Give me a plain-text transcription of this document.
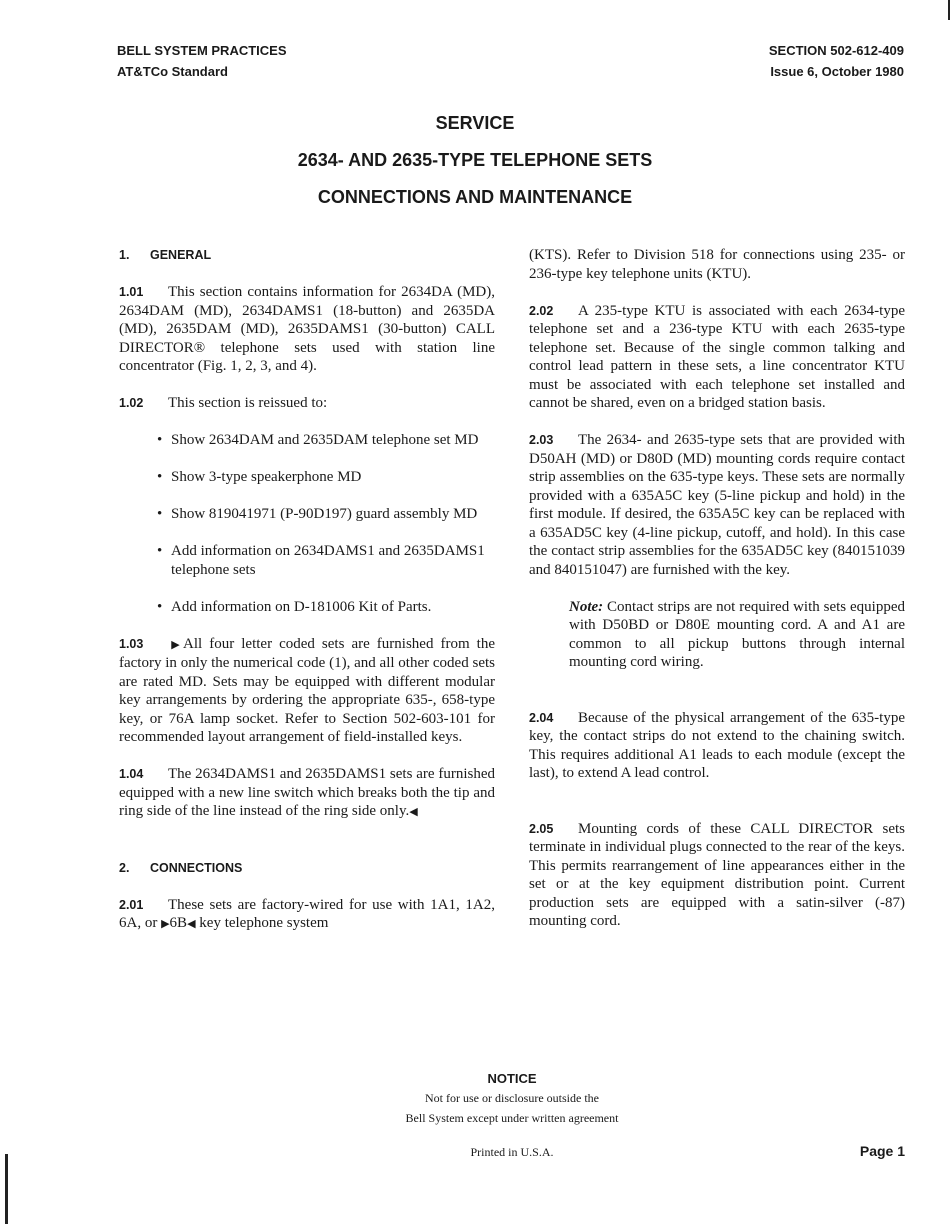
BELL SYSTEM PRACTICES
AT&TCo Standard
SECTION 502-612-409
Issue 6, October 1980
SERVICE
2634- AND 2635-TYPE TELEPHONE SETS
CONNECTIONS AND MAINTENANCE
1. GENERAL
1.01 This section contains information for 2634DA (MD), 2634DAM (MD), 2634DAMS1 (18-button) and 2635DA (MD), 2635DAM (MD), 2635DAMS1 (30-button) CALL DIRECTOR® telephone sets used with station line concentrator (Fig. 1, 2, 3, and 4).
1.02 This section is reissued to:
• Show 2634DAM and 2635DAM telephone set MD
• Show 3-type speakerphone MD
• Show 819041971 (P-90D197) guard assembly MD
• Add information on 2634DAMS1 and 2635DAMS1 telephone sets
• Add information on D-181006 Kit of Parts.
1.03 ▶All four letter coded sets are furnished from the factory in only the numerical code (1), and all other coded sets are rated MD. Sets may be equipped with different modular key arrangements by ordering the appropriate 635-, 658-type key, or 76A lamp socket. Refer to Section 502-603-101 for recommended layout arrangement of field-installed keys.
1.04 The 2634DAMS1 and 2635DAMS1 sets are furnished equipped with a new line switch which breaks both the tip and ring side of the line instead of the ring side only.◀
2. CONNECTIONS
2.01 These sets are factory-wired for use with 1A1, 1A2, 6A, or ▶6B◀ key telephone system
(KTS). Refer to Division 518 for connections using 235- or 236-type key telephone units (KTU).
2.02 A 235-type KTU is associated with each 2634-type telephone set and a 236-type KTU with each 2635-type telephone set. Because of the single common talking and control lead pattern in these sets, a line concentrator KTU must be associated with each telephone set installed and cannot be shared, even on a bridged station basis.
2.03 The 2634- and 2635-type sets that are provided with D50AH (MD) or D80D (MD) mounting cords require contact strip assemblies on the 635-type keys. These sets are normally provided with a 635A5C key (5-line pickup and hold) in the first module. If desired, the 635A5C key can be replaced with a 635AD5C key (4-line pickup, cutoff, and hold). In this case the contact strip assemblies for the 635AD5C key (840151039 and 840151047) are furnished with the key.
Note: Contact strips are not required with sets equipped with D50BD or D80E mounting cord. A and A1 are common to all pickup buttons through internal mounting cord wiring.
2.04 Because of the physical arrangement of the 635-type key, the contact strips do not extend to the chaining switch. This requires additional A1 leads to each module (except the last), to extend A lead control.
2.05 Mounting cords of these CALL DIRECTOR sets terminate in individual plugs connected to the rear of the keys. This permits rearrangement of line appearances either in the set or at the key equipment distribution point. Current production sets are equipped with a satin-silver (-87) mounting cord.
NOTICE
Not for use or disclosure outside the
Bell System except under written agreement
Printed in U.S.A.	Page 1
